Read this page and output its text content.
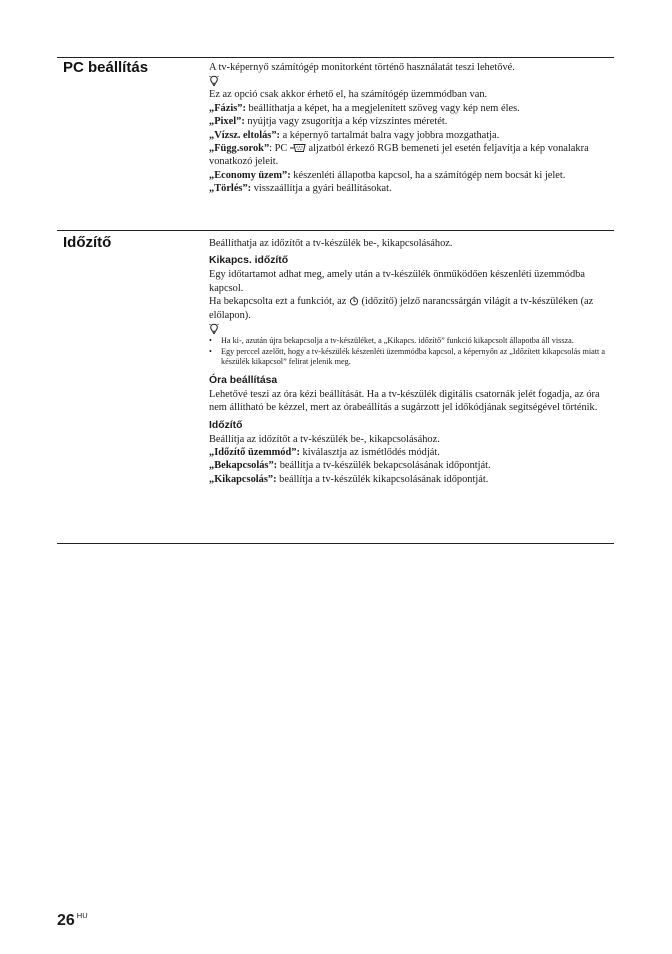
PC beállítás	A tv-képernyő számítógép monitorként történő használatát teszi lehetővé.

Ez az opció csak akkor érhető el, ha számítógép üzemmódban van.

„Fázis”: beállíthatja a képet, ha a megjelenített szöveg vagy kép nem éles.

„Pixel”: nyújtja vagy zsugorítja a kép vízszintes méretét.

„Vízsz. eltolás”: a képernyő tartalmát balra vagy jobbra mozgathatja.

„Függ.sorok”: PC  aljzatból érkező RGB bemeneti jel esetén feljavítja a kép vonalakra vonatkozó jeleit.

„Economy üzem”: készenléti állapotba kapcsol, ha a számítógép nem bocsát ki jelet.

„Törlés”: visszaállítja a gyári beállításokat.

Időzítő	Beállíthatja az időzítőt a tv-készülék be-, kikapcsolásához.

Kikapcs. időzítő

Egy időtartamot adhat meg, amely után a tv-készülék önműködően készenléti üzemmódba kapcsol.

Ha bekapcsolta ezt a funkciót, az  (időzítő) jelző narancssárgán világít a tv-készüléken (az előlapon).

• Ha ki-, azután újra bekapcsolja a tv-készüléket, a „Kikapcs. időzítő” funkció kikapcsolt állapotba áll vissza.
• Egy perccel azelőtt, hogy a tv-készülék készenléti üzemmódba kapcsol, a képernyőn az „Időzített kikapcsolás miatt a készülék kikapcsol” felirat jelenik meg.
Óra beállítása

Lehetővé teszi az óra kézi beállítását. Ha a tv-készülék digitális csatornák jelét fogadja, az óra nem állítható be kézzel, mert az órabeállítás a sugárzott jel időkódjának segítségével történik.

Időzítő

Beállítja az időzítőt a tv-készülék be-, kikapcsolásához.

„Időzítő üzemmód”: kiválasztja az ismétlődés módját.

„Bekapcsolás”: beállítja a tv-készülék bekapcsolásának időpontját.

„Kikapcsolás”: beállítja a tv-készülék kikapcsolásának időpontját.

26 $^{HU}$
